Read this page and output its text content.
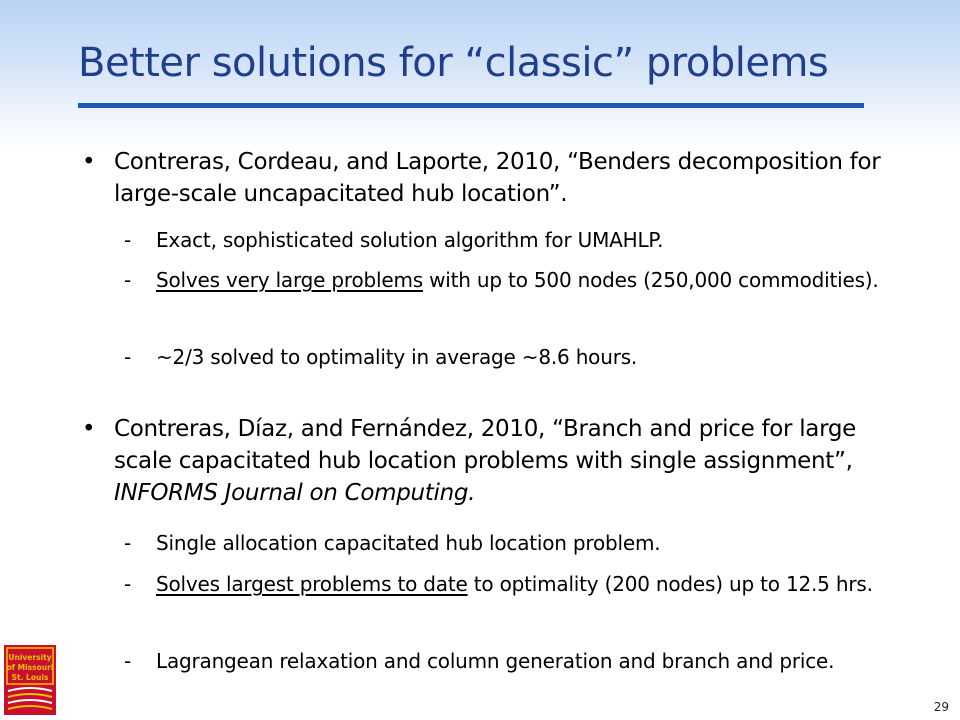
Better solutions for “classic” problems
• Contreras, Cordeau, and Laporte, 2010, “Benders decomposition for large-scale uncapacitated hub location”.
- Exact, sophisticated solution algorithm for UMAHLP.
- Solves very large problems with up to 500 nodes (250,000 commodities).
- ~2/3 solved to optimality in average ~8.6 hours.
• Contreras, Díaz, and Fernández, 2010, “Branch and price for large scale capacitated hub location problems with single assignment”, INFORMS Journal on Computing.
- Single allocation capacitated hub location problem.
- Solves largest problems to date to optimality (200 nodes) up to 12.5 hrs.
- Lagrangean relaxation and column generation and branch and price.
University
of Missouri
St. Louis
29
